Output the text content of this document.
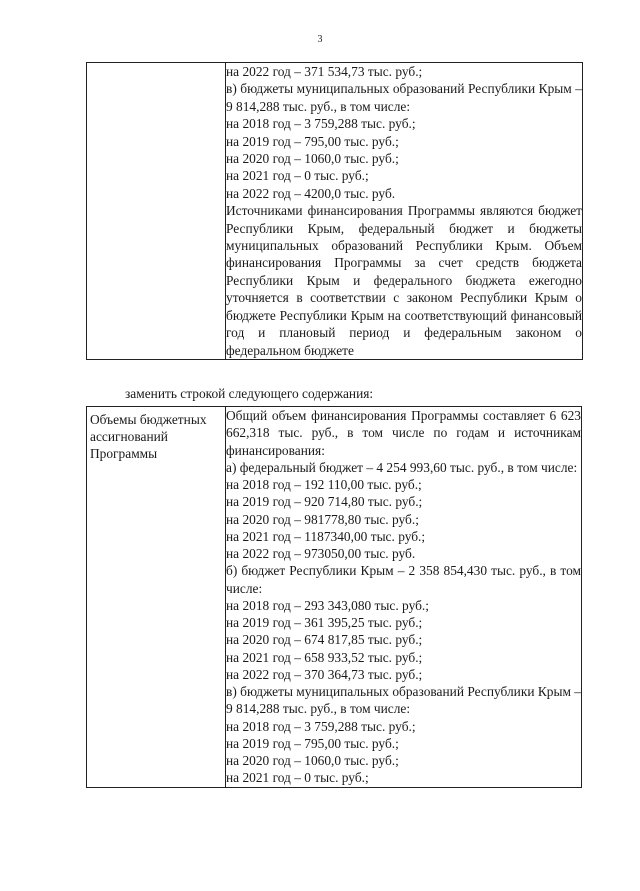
3

на 2022 год – 371 534,73 тыс. руб.;
в) бюджеты муниципальных образований Республики Крым – 9 814,288 тыс. руб., в том числе:
на 2018 год – 3 759,288 тыс. руб.;
на 2019 год – 795,00 тыс. руб.;
на 2020 год – 1060,0 тыс. руб.;
на 2021 год – 0 тыс. руб.;
на 2022 год – 4200,0 тыс. руб.
Источниками финансирования Программы являются бюджет Республики Крым, федеральный бюджет и бюджеты муниципальных образований Республики Крым. Объем финансирования Программы за счет средств бюджета Республики Крым и федерального бюджета ежегодно уточняется в соответствии с законом Республики Крым о бюджете Республики Крым на соответствующий финансовый год и плановый период и федеральным законом о федеральном бюджете
заменить строкой следующего содержания:
Объемы бюджетных ассигнований Программы

Общий объем финансирования Программы составляет 6 623 662,318 тыс. руб., в том числе по годам и источникам финансирования:
а) федеральный бюджет – 4 254 993,60 тыс. руб., в том числе:
на 2018 год – 192 110,00 тыс. руб.;
на 2019 год – 920 714,80 тыс. руб.;
на 2020 год – 981778,80 тыс. руб.;
на 2021 год – 1187340,00 тыс. руб.;
на 2022 год – 973050,00 тыс. руб.
б) бюджет Республики Крым – 2 358 854,430 тыс. руб., в том числе:
на 2018 год – 293 343,080 тыс. руб.;
на 2019 год – 361 395,25 тыс. руб.;
на 2020 год – 674 817,85 тыс. руб.;
на 2021 год – 658 933,52 тыс. руб.;
на 2022 год – 370 364,73 тыс. руб.;
в) бюджеты муниципальных образований Республики Крым – 9 814,288 тыс. руб., в том числе:
на 2018 год – 3 759,288 тыс. руб.;
на 2019 год – 795,00 тыс. руб.;
на 2020 год – 1060,0 тыс. руб.;
на 2021 год – 0 тыс. руб.;
